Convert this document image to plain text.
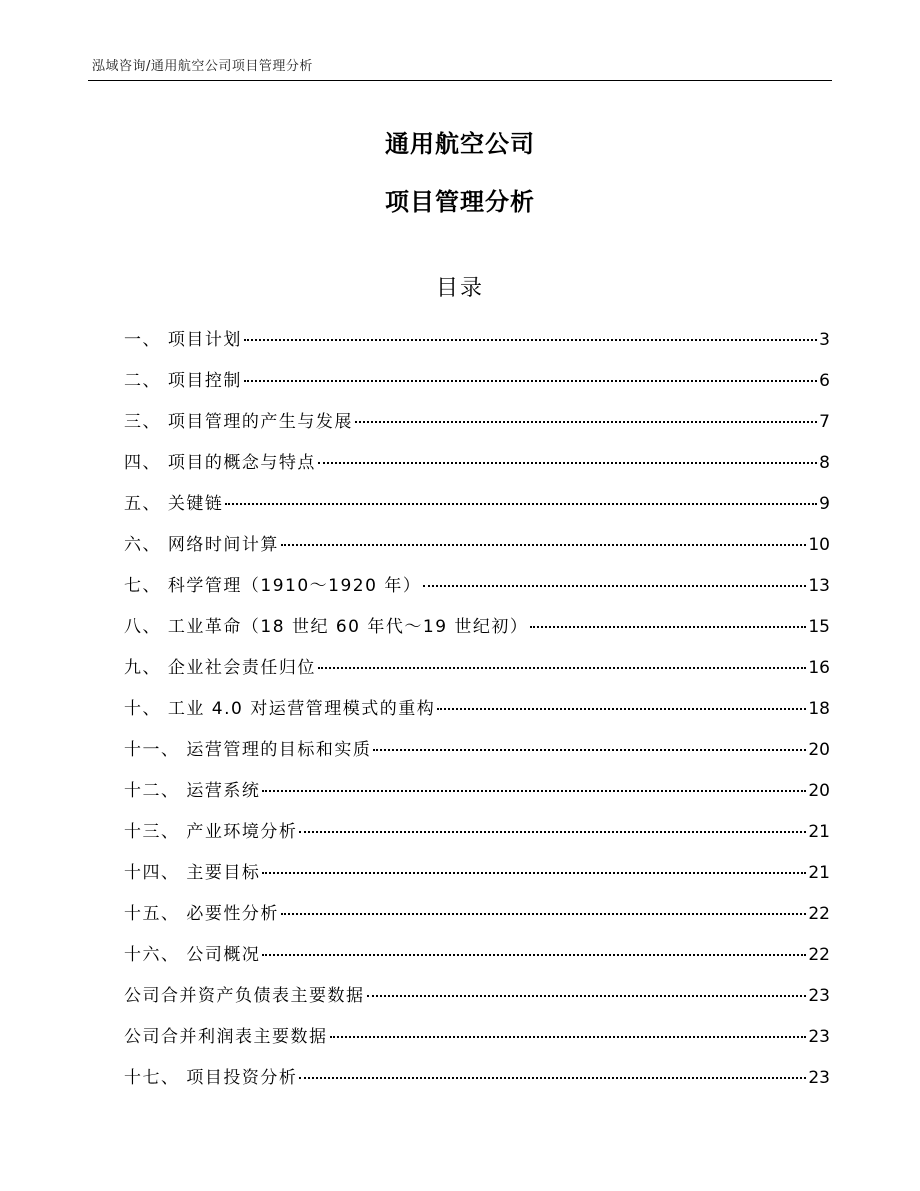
泓域咨询/通用航空公司项目管理分析
通用航空公司
项目管理分析
目录
一、 项目计划	3
二、 项目控制	6
三、 项目管理的产生与发展	7
四、 项目的概念与特点	8
五、 关键链	9
六、 网络时间计算	10
七、 科学管理（1910～1920 年）	13
八、 工业革命（18 世纪 60 年代～19 世纪初）	15
九、 企业社会责任归位	16
十、 工业 4.0 对运营管理模式的重构	18
十一、 运营管理的目标和实质	20
十二、 运营系统	20
十三、 产业环境分析	21
十四、 主要目标	21
十五、 必要性分析	22
十六、 公司概况	22
公司合并资产负债表主要数据	23
公司合并利润表主要数据	23
十七、 项目投资分析	23
